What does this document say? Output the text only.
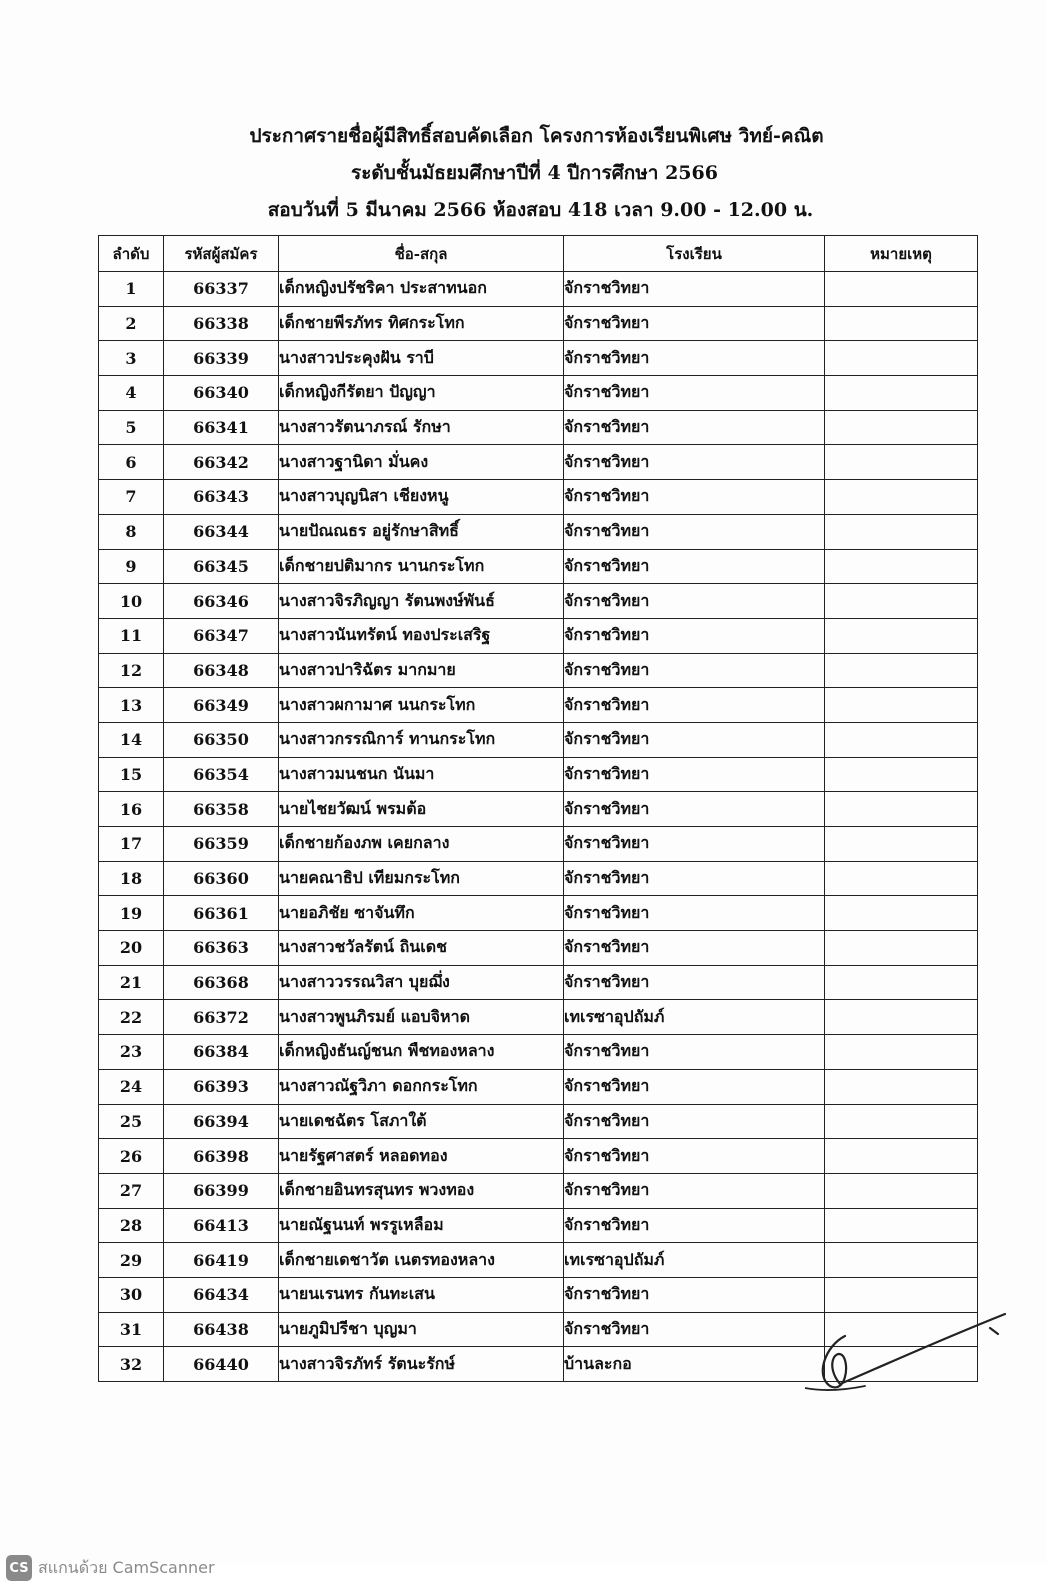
ประกาศรายชื่อผู้มีสิทธิ์สอบคัดเลือก โครงการห้องเรียนพิเศษ วิทย์-คณิต
ระดับชั้นมัธยมศึกษาปีที่ 4 ปีการศึกษา 2566
สอบวันที่ 5 มีนาคม 2566 ห้องสอบ 418 เวลา 9.00 - 12.00 น.
ลำดับ	รหัสผู้สมัคร	ชื่อ-สกุล	โรงเรียน	หมายเหตุ
1	66337	เด็กหญิงปรัชริคา ประสาทนอก	จักราชวิทยา	
2	66338	เด็กชายพีรภัทร ทิศกระโทก	จักราชวิทยา	
3	66339	นางสาวประคุงฝัน ราบี	จักราชวิทยา	
4	66340	เด็กหญิงกีรัตยา ปัญญา	จักราชวิทยา	
5	66341	นางสาวรัตนาภรณ์ รักษา	จักราชวิทยา	
6	66342	นางสาวฐานิดา มั่นคง	จักราชวิทยา	
7	66343	นางสาวบุญนิสา เชียงหนู	จักราชวิทยา	
8	66344	นายปัณณธร อยู่รักษาสิทธิ์	จักราชวิทยา	
9	66345	เด็กชายปติมากร นานกระโทก	จักราชวิทยา	
10	66346	นางสาวจิรภิญญา รัตนพงษ์พันธ์	จักราชวิทยา	
11	66347	นางสาวนันทรัตน์ ทองประเสริฐ	จักราชวิทยา	
12	66348	นางสาวปาริฉัตร มากมาย	จักราชวิทยา	
13	66349	นางสาวผกามาศ นนกระโทก	จักราชวิทยา	
14	66350	นางสาวกรรณิการ์ ทานกระโทก	จักราชวิทยา	
15	66354	นางสาวมนชนก นันมา	จักราชวิทยา	
16	66358	นายไชยวัฒน์ พรมต้อ	จักราชวิทยา	
17	66359	เด็กชายก้องภพ เคยกลาง	จักราชวิทยา	
18	66360	นายคณาธิป เทียมกระโทก	จักราชวิทยา	
19	66361	นายอภิชัย ซาจันทึก	จักราชวิทยา	
20	66363	นางสาวชวัลรัตน์ ถินเดช	จักราชวิทยา	
21	66368	นางสาววรรณวิสา บุยฌึ่ง	จักราชวิทยา	
22	66372	นางสาวพูนภิรมย์ แอบจิหาด	เทเรซาอุปถัมภ์	
23	66384	เด็กหญิงธันญ์ชนก พืชทองหลาง	จักราชวิทยา	
24	66393	นางสาวณัฐวิภา ดอกกระโทก	จักราชวิทยา	
25	66394	นายเดชฉัตร โสภาใต้	จักราชวิทยา	
26	66398	นายรัฐศาสตร์ หลอดทอง	จักราชวิทยา	
27	66399	เด็กชายอินทรสุนทร พวงทอง	จักราชวิทยา	
28	66413	นายณัฐนนท์ พรรูเหลือม	จักราชวิทยา	
29	66419	เด็กชายเดชาวัต เนตรทองหลาง	เทเรซาอุปถัมภ์	
30	66434	นายนเรนทร กันทะเสน	จักราชวิทยา	
31	66438	นายภูมิปรีชา บุญมา	จักราชวิทยา	
32	66440	นางสาวจิรภัทร์ รัตนะรักษ์	บ้านละกอ	
CS สแกนด้วย CamScanner
